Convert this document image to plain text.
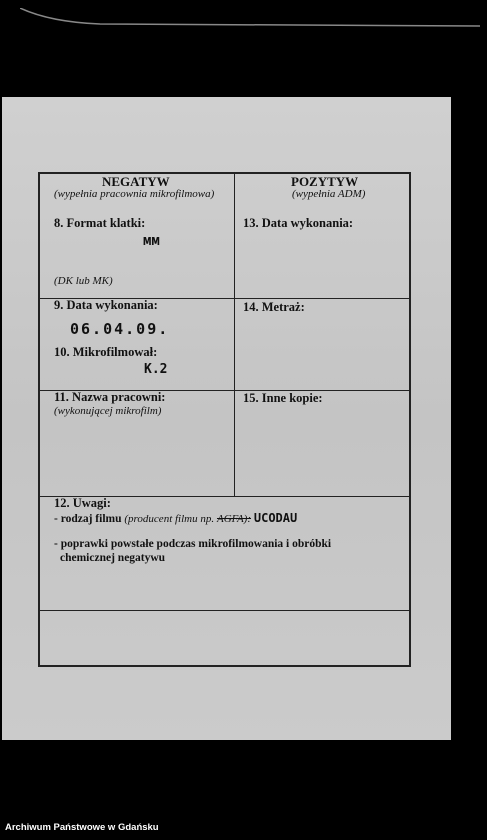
NEGATYW
(wypełnia pracownia mikrofilmowa)
POZYTYW
(wypełnia ADM)
8. Format klatki:
мм
(DK lub MK)
13. Data wykonania:
9. Data wykonania:
06.04.09.
10. Mikrofilmował:
K.2
14. Metraż:
11. Nazwa pracowni:
(wykonującej mikrofilm)
15. Inne kopie:
12. Uwagi:
- rodzaj filmu (producent filmu np. AGFA): UCODAU
- poprawki powstałe podczas mikrofilmowania i obróbki
chemicznej negatywu
Archiwum Państwowe w Gdańsku
